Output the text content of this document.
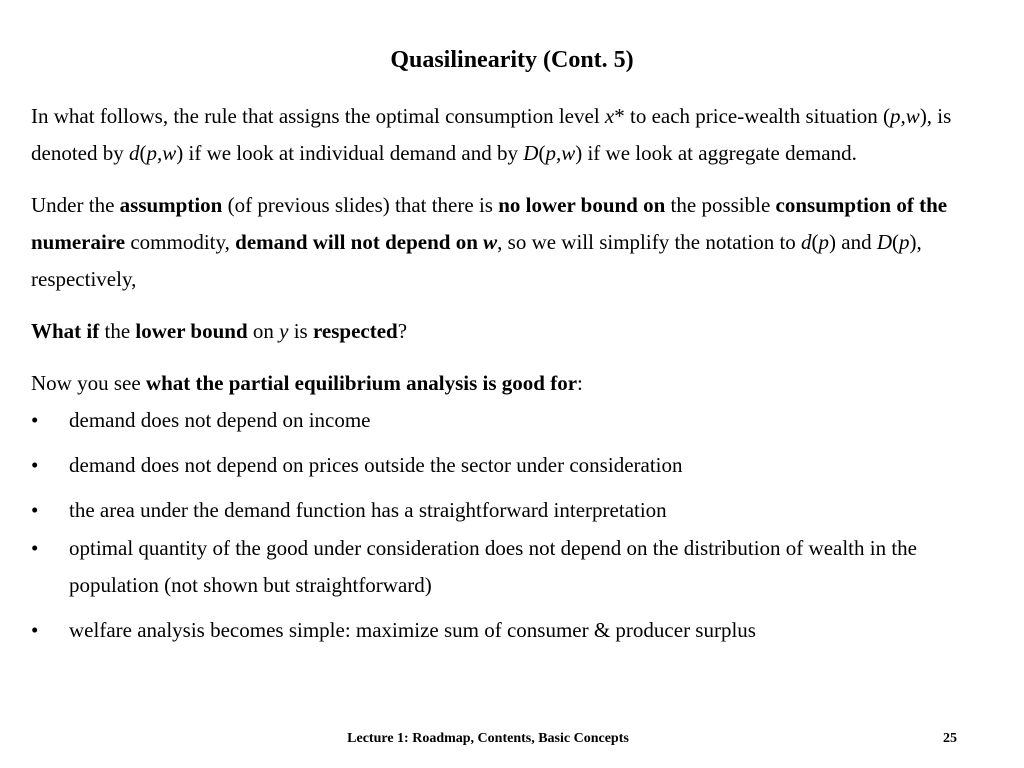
Quasilinearity (Cont. 5)

In what follows, the rule that assigns the optimal consumption level x* to each price-wealth situation (p,w), is denoted by d(p,w) if we look at individual demand and by D(p,w) if we look at aggregate demand.

Under the assumption (of previous slides) that there is no lower bound on the possible consumption of the numeraire commodity, demand will not depend on w, so we will simplify the notation to d(p) and D(p), respectively,

What if the lower bound on y is respected?

Now you see what the partial equilibrium analysis is good for:

• demand does not depend on income
• demand does not depend on prices outside the sector under consideration
• the area under the demand function has a straightforward interpretation
• optimal quantity of the good under consideration does not depend on the distribution of wealth in the population (not shown but straightforward)
• welfare analysis becomes simple: maximize sum of consumer & producer surplus
Lecture 1: Roadmap, Contents, Basic Concepts	25
